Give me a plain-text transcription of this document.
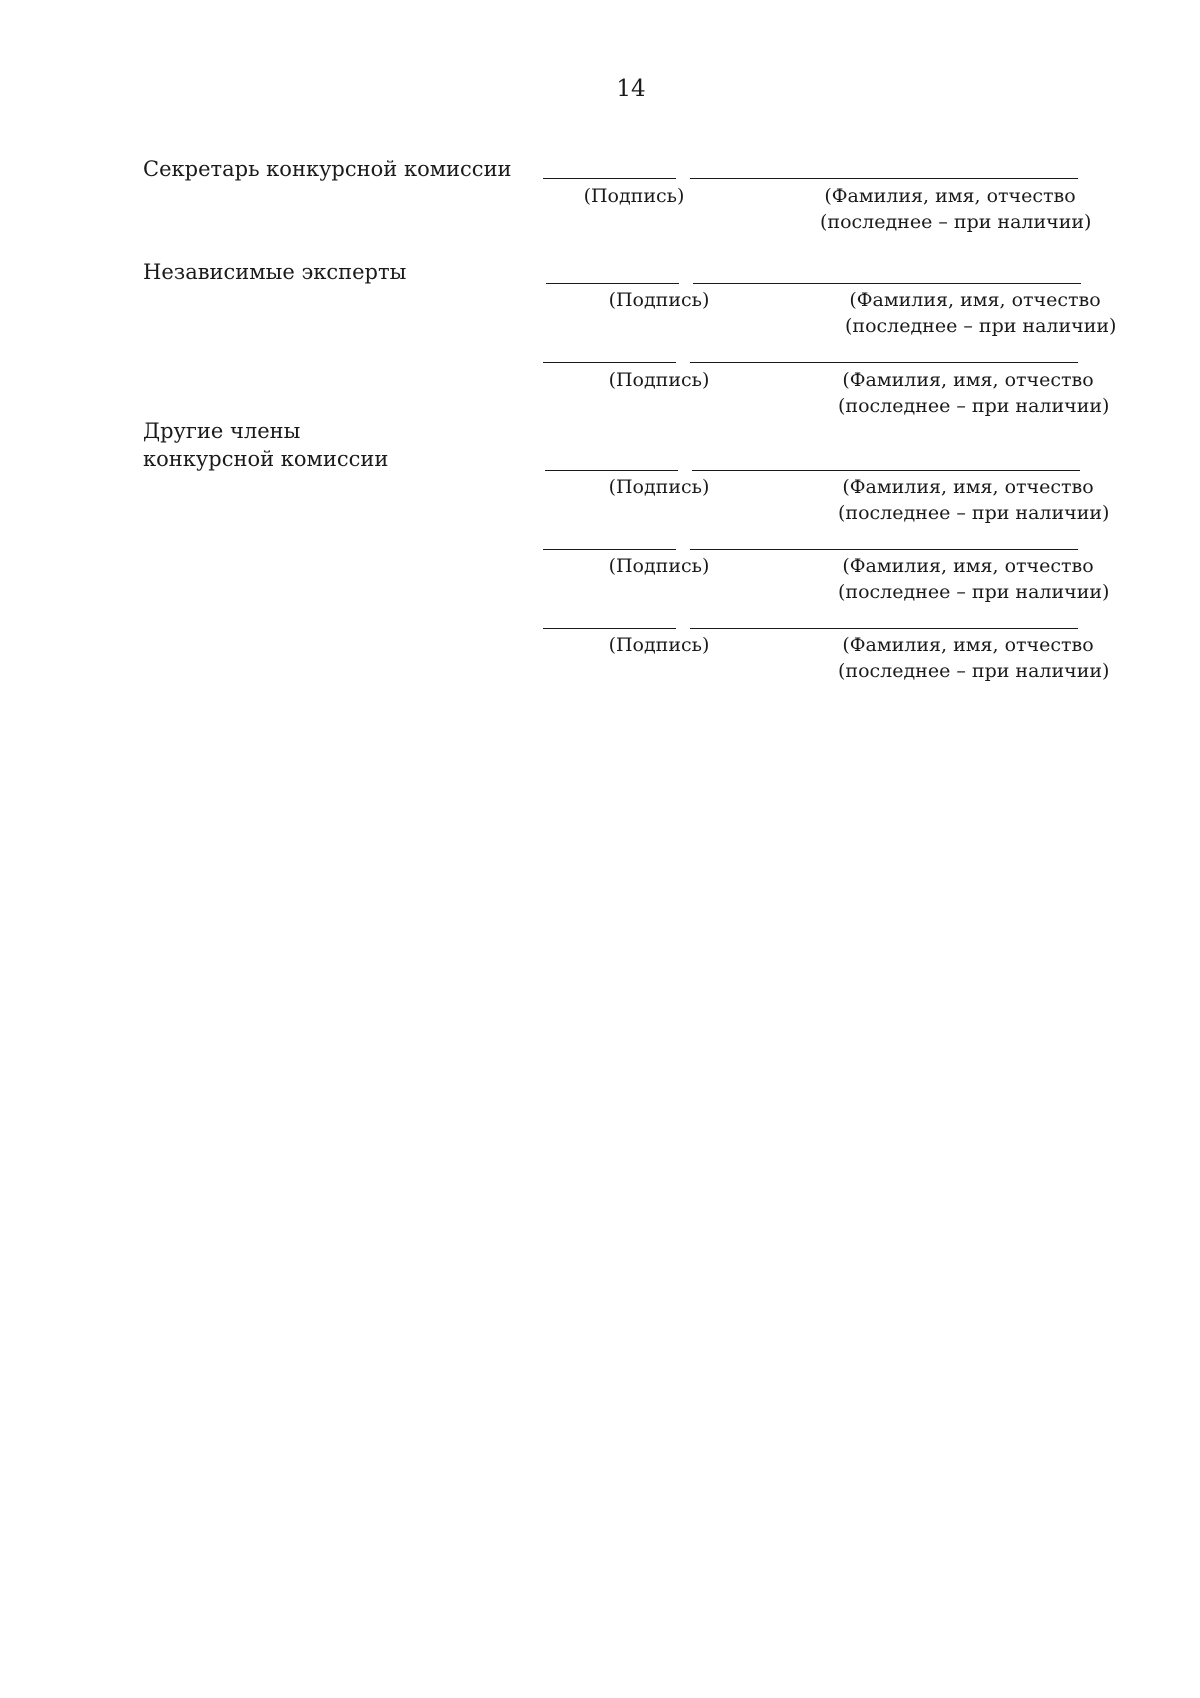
14
Секретарь конкурсной комиссии
(Подпись)	(Фамилия, имя, отчество
(последнее – при наличии)
Независимые эксперты
(Подпись)	(Фамилия, имя, отчество
(последнее – при наличии)
(Подпись)	(Фамилия, имя, отчество
(последнее – при наличии)
Другие члены
конкурсной комиссии
(Подпись)	(Фамилия, имя, отчество
(последнее – при наличии)
(Подпись)	(Фамилия, имя, отчество
(последнее – при наличии)
(Подпись)	(Фамилия, имя, отчество
(последнее – при наличии)
